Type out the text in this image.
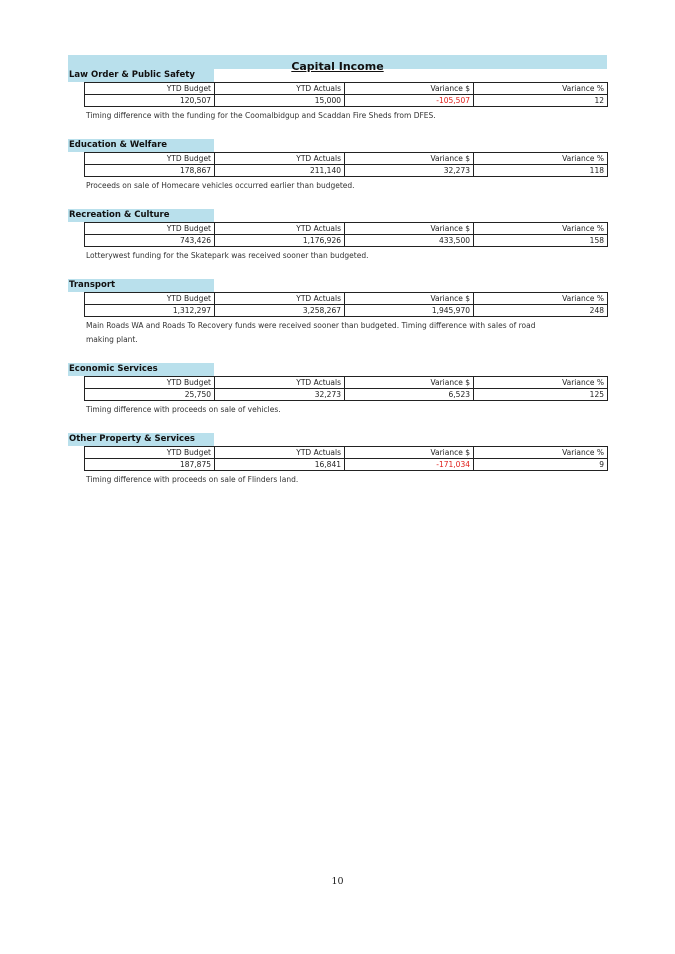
Capital Income
Law Order & Public Safety
YTD Budget	YTD Actuals	Variance $	Variance %
120,507	15,000	-105,507	12
Timing difference with the funding for the Coomalbidgup and Scaddan Fire Sheds from DFES.
Education & Welfare
YTD Budget	YTD Actuals	Variance $	Variance %
178,867	211,140	32,273	118
Proceeds on sale of Homecare vehicles occurred earlier than budgeted.
Recreation & Culture
YTD Budget	YTD Actuals	Variance $	Variance %
743,426	1,176,926	433,500	158
Lotterywest funding for the Skatepark was received sooner than budgeted.
Transport
YTD Budget	YTD Actuals	Variance $	Variance %
1,312,297	3,258,267	1,945,970	248
Main Roads WA and Roads To Recovery funds were received sooner than budgeted. Timing difference with sales of road making plant.
Economic Services
YTD Budget	YTD Actuals	Variance $	Variance %
25,750	32,273	6,523	125
Timing difference with proceeds on sale of vehicles.
Other Property & Services
YTD Budget	YTD Actuals	Variance $	Variance %
187,875	16,841	-171,034	9
Timing difference with proceeds on sale of Flinders land.
10
